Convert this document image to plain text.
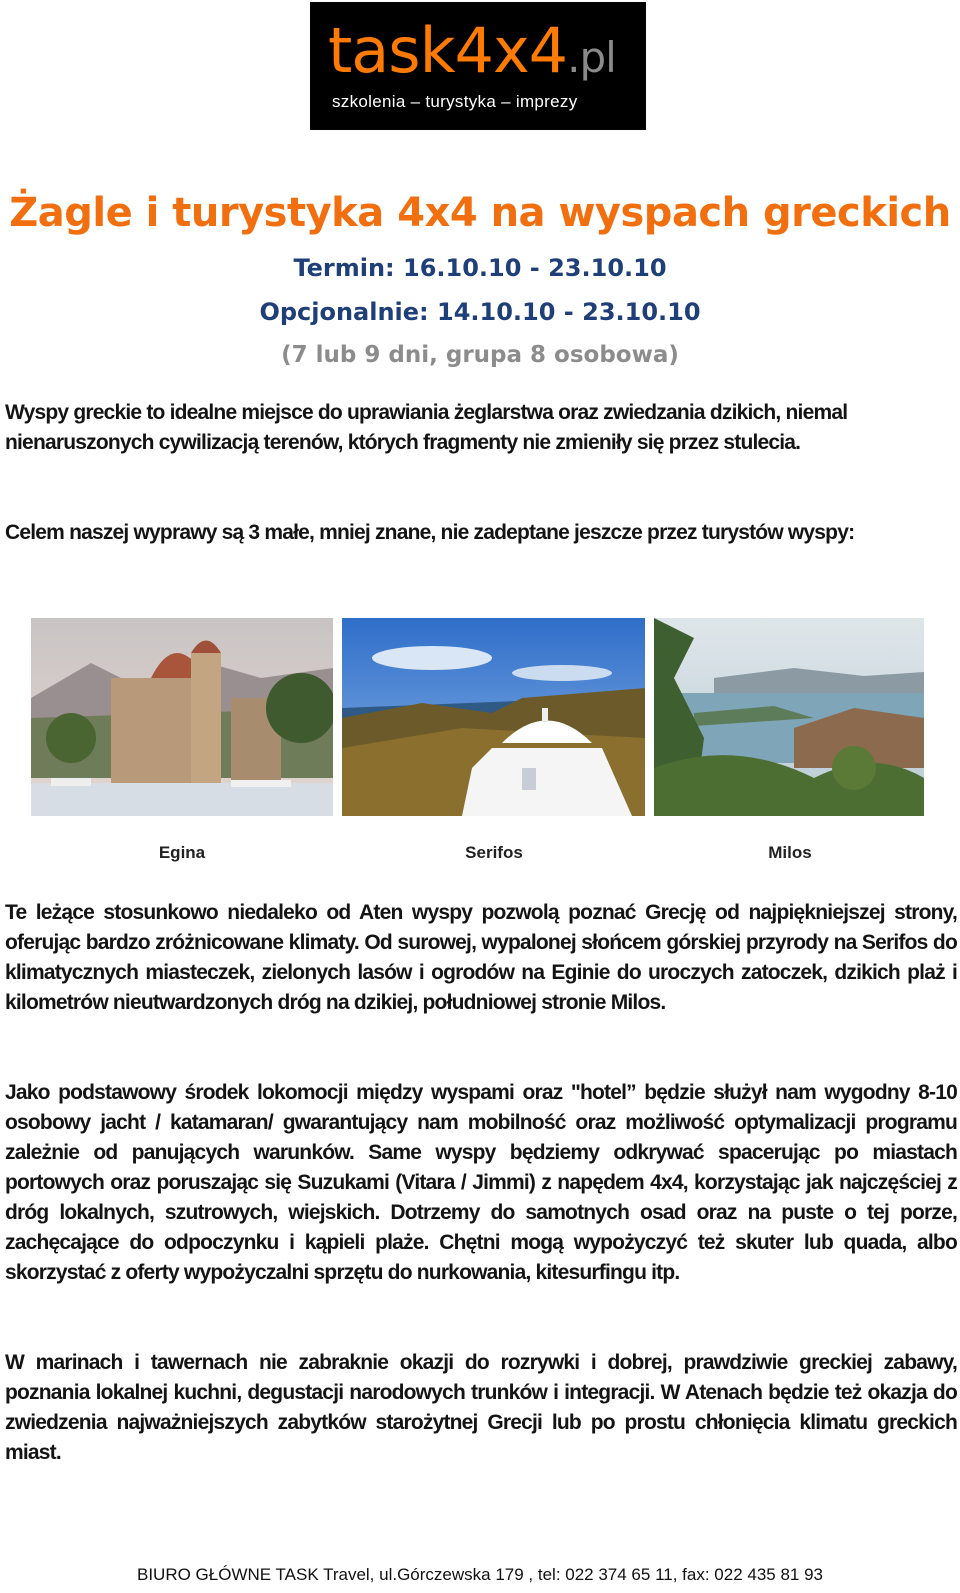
task4x4.pl
szkolenia – turystyka – imprezy
Żagle i turystyka 4x4 na wyspach greckich
Termin: 16.10.10 - 23.10.10
Opcjonalnie: 14.10.10 - 23.10.10
(7 lub 9 dni, grupa 8 osobowa)
Wyspy greckie to idealne miejsce do uprawiania żeglarstwa oraz zwiedzania dzikich, niemal nienaruszonych cywilizacją terenów, których fragmenty nie zmieniły się przez stulecia.
Celem naszej wyprawy są 3 małe, mniej znane, nie zadeptane jeszcze przez turystów wyspy:
Egina	Serifos	Milos
Te leżące stosunkowo niedaleko od Aten wyspy pozwolą poznać Grecję od najpiękniejszej strony, oferując bardzo zróżnicowane klimaty. Od surowej, wypalonej słońcem górskiej przyrody na Serifos do klimatycznych miasteczek, zielonych lasów i ogrodów na Eginie do uroczych zatoczek, dzikich plaż i kilometrów nieutwardzonych dróg na dzikiej, południowej stronie Milos.
Jako podstawowy środek lokomocji między wyspami oraz "hotel” będzie służył nam wygodny 8-10 osobowy jacht / katamaran/ gwarantujący nam mobilność oraz możliwość optymalizacji programu zależnie od panujących warunków. Same wyspy będziemy odkrywać spacerując po miastach portowych oraz poruszając się Suzukami (Vitara / Jimmi) z napędem 4x4, korzystając jak najczęściej z dróg lokalnych, szutrowych, wiejskich. Dotrzemy do samotnych osad oraz na puste o tej porze, zachęcające do odpoczynku i kąpieli plaże. Chętni mogą wypożyczyć też skuter lub quada, albo skorzystać z oferty wypożyczalni sprzętu do nurkowania, kitesurfingu itp.
W marinach i tawernach nie zabraknie okazji do rozrywki i dobrej, prawdziwie greckiej zabawy, poznania lokalnej kuchni, degustacji narodowych trunków i integracji. W Atenach będzie też okazja do zwiedzenia najważniejszych zabytków starożytnej Grecji lub po prostu chłonięcia klimatu greckich miast.
BIURO GŁÓWNE TASK Travel, ul.Górczewska 179 , tel: 022 374 65 11, fax: 022 435 81 93
